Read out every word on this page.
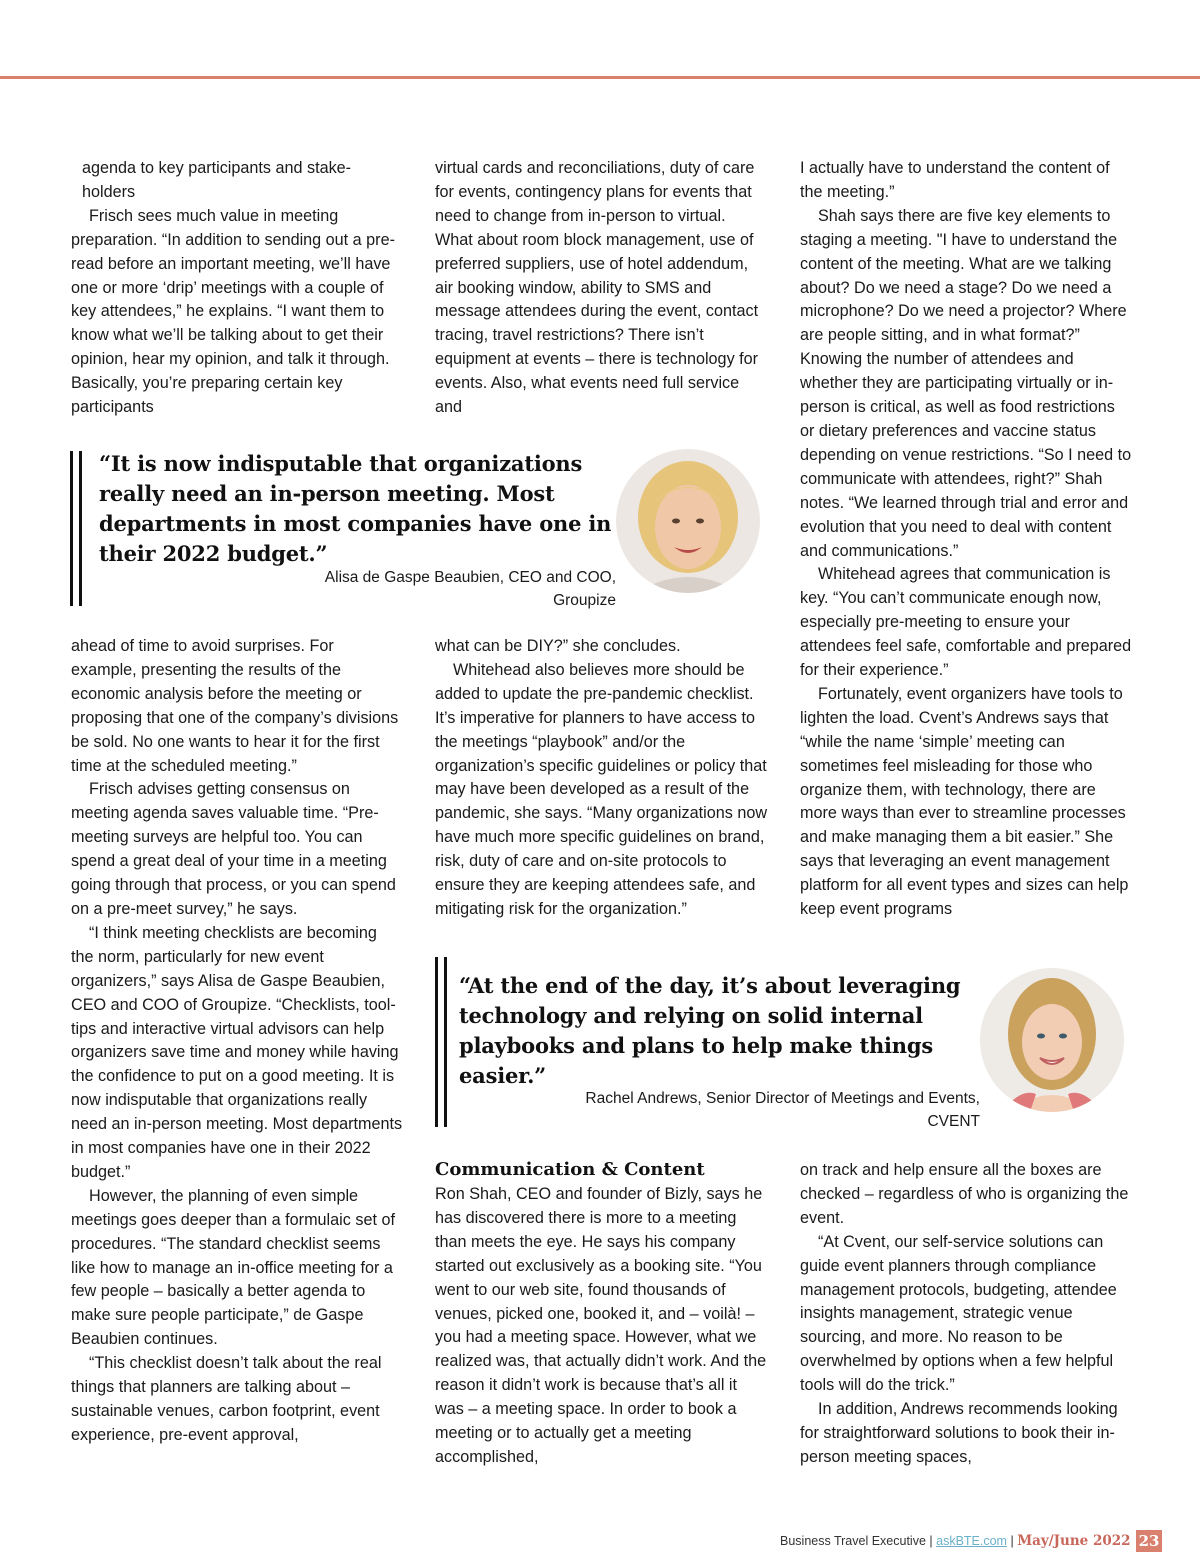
agenda to key participants and stake-holders

Frisch sees much value in meeting preparation. “In addition to sending out a pre-read before an important meeting, we’ll have one or more ‘drip’ meetings with a couple of key attendees,” he explains. “I want them to know what we’ll be talking about to get their opinion, hear my opinion, and talk it through. Basically, you’re preparing certain key participants

virtual cards and reconciliations, duty of care for events, contingency plans for events that need to change from in-person to virtual. What about room block management, use of preferred suppliers, use of hotel addendum, air booking window, ability to SMS and message attendees during the event, contact tracing, travel restrictions? There isn’t equipment at events – there is technology for events. Also, what events need full service and

I actually have to understand the content of the meeting.”

Shah says there are five key elements to staging a meeting. "I have to understand the content of the meeting. What are we talking about? Do we need a stage? Do we need a microphone? Do we need a projector? Where are people sitting, and in what format?” Knowing the number of attendees and whether they are participating virtually or in-person is critical, as well as food restrictions or dietary preferences and vaccine status depending on venue restrictions. “So I need to communicate with attendees, right?” Shah notes. “We learned through trial and error and evolution that you need to deal with content and communications.”

Whitehead agrees that communication is key. “You can’t communicate enough now, especially pre-meeting to ensure your attendees feel safe, comfortable and prepared for their experience.”

Fortunately, event organizers have tools to lighten the load. Cvent’s Andrews says that “while the name ‘simple’ meeting can sometimes feel misleading for those who organize them, with technology, there are more ways than ever to streamline processes and make managing them a bit easier.” She says that leveraging an event management platform for all event types and sizes can help keep event programs

“It is now indisputable that organizations really need an in-person meeting. Most departments in most companies have one in their 2022 budget.”
Alisa de Gaspe Beaubien, CEO and COO,
Groupize

ahead of time to avoid surprises. For example, presenting the results of the economic analysis before the meeting or proposing that one of the company’s divisions be sold. No one wants to hear it for the first time at the scheduled meeting.”

Frisch advises getting consensus on meeting agenda saves valuable time. “Pre-meeting surveys are helpful too. You can spend a great deal of your time in a meeting going through that process, or you can spend on a pre-meet survey,” he says.

“I think meeting checklists are becoming the norm, particularly for new event organizers,” says Alisa de Gaspe Beaubien, CEO and COO of Groupize. “Checklists, tool-tips and interactive virtual advisors can help organizers save time and money while having the confidence to put on a good meeting. It is now indisputable that organizations really need an in-person meeting. Most departments in most companies have one in their 2022 budget.”

However, the planning of even simple meetings goes deeper than a formulaic set of procedures. “The standard checklist seems like how to manage an in-office meeting for a few people – basically a better agenda to make sure people participate,” de Gaspe Beaubien continues.

“This checklist doesn’t talk about the real things that planners are talking about – sustainable venues, carbon footprint, event experience, pre-event approval,

what can be DIY?” she concludes.

Whitehead also believes more should be added to update the pre-pandemic checklist. It’s imperative for planners to have access to the meetings “playbook” and/or the organization’s specific guidelines or policy that may have been developed as a result of the pandemic, she says. “Many organizations now have much more specific guidelines on brand, risk, duty of care and on-site protocols to ensure they are keeping attendees safe, and mitigating risk for the organization.”

“At the end of the day, it’s about leveraging technology and relying on solid internal playbooks and plans to help make things easier.”
Rachel Andrews, Senior Director of Meetings and Events,
CVENT
Communication & Content

Ron Shah, CEO and founder of Bizly, says he has discovered there is more to a meeting than meets the eye. He says his company started out exclusively as a booking site. “You went to our web site, found thousands of venues, picked one, booked it, and – voilà! – you had a meeting space. However, what we realized was, that actually didn’t work. And the reason it didn’t work is because that’s all it was – a meeting space. In order to book a meeting or to actually get a meeting accomplished,

on track and help ensure all the boxes are checked – regardless of who is organizing the event.

“At Cvent, our self-service solutions can guide event planners through compliance management protocols, budgeting, attendee insights management, strategic venue sourcing, and more. No reason to be overwhelmed by options when a few helpful tools will do the trick.”

In addition, Andrews recommends looking for straightforward solutions to book their in-person meeting spaces,

Business Travel Executive | askBTE.com | May/June 2022 23
